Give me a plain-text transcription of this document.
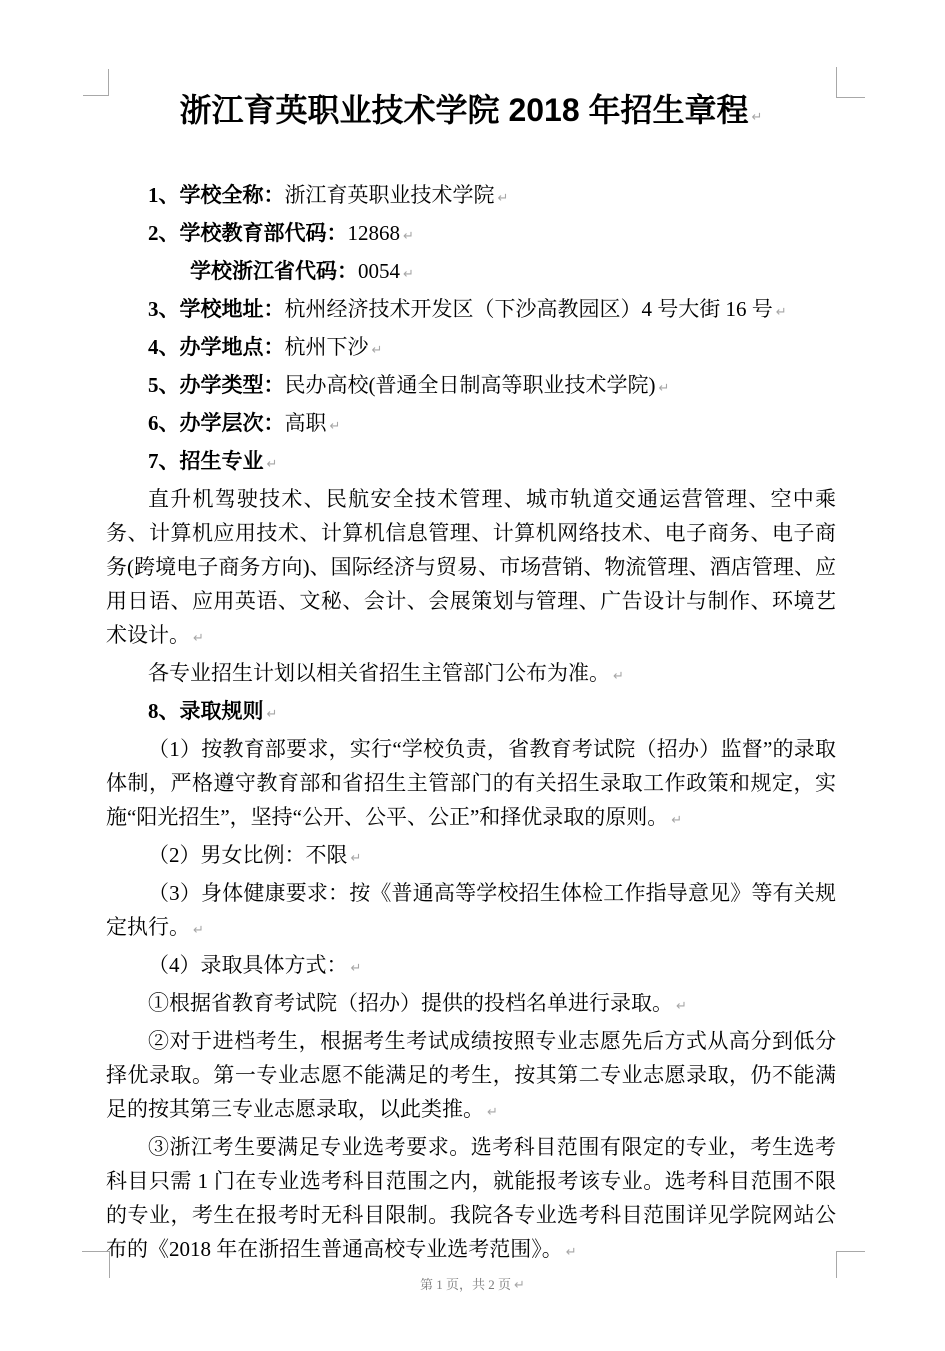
浙江育英职业技术学院 2018 年招生章程 ↵

1、学校全称：浙江育英职业技术学院 ↵

2、学校教育部代码：12868 ↵

学校浙江省代码：0054 ↵

3、学校地址：杭州经济技术开发区（下沙高教园区）4 号大街 16 号 ↵

4、办学地点：杭州下沙 ↵

5、办学类型：民办高校(普通全日制高等职业技术学院) ↵

6、办学层次：高职 ↵

7、招生专业 ↵

直升机驾驶技术、民航安全技术管理、城市轨道交通运营管理、空中乘务、计算机应用技术、计算机信息管理、计算机网络技术、电子商务、电子商务(跨境电子商务方向)、国际经济与贸易、市场营销、物流管理、酒店管理、应用日语、应用英语、文秘、会计、会展策划与管理、广告设计与制作、环境艺术设计。 ↵

各专业招生计划以相关省招生主管部门公布为准。 ↵

8、录取规则 ↵

（1）按教育部要求，实行“学校负责，省教育考试院（招办）监督”的录取体制，严格遵守教育部和省招生主管部门的有关招生录取工作政策和规定，实施“阳光招生”，坚持“公开、公平、公正”和择优录取的原则。 ↵

（2）男女比例：不限 ↵

（3）身体健康要求：按《普通高等学校招生体检工作指导意见》等有关规定执行。 ↵

（4）录取具体方式： ↵

①根据省教育考试院（招办）提供的投档名单进行录取。 ↵

②对于进档考生，根据考生考试成绩按照专业志愿先后方式从高分到低分择优录取。第一专业志愿不能满足的考生，按其第二专业志愿录取，仍不能满足的按其第三专业志愿录取，以此类推。 ↵

③浙江考生要满足专业选考要求。选考科目范围有限定的专业，考生选考科目只需 1 门在专业选考科目范围之内，就能报考该专业。选考科目范围不限的专业，考生在报考时无科目限制。我院各专业选考科目范围详见学院网站公布的《2018 年在浙招生普通高校专业选考范围》。 ↵

第 1 页，共 2 页 ↵
